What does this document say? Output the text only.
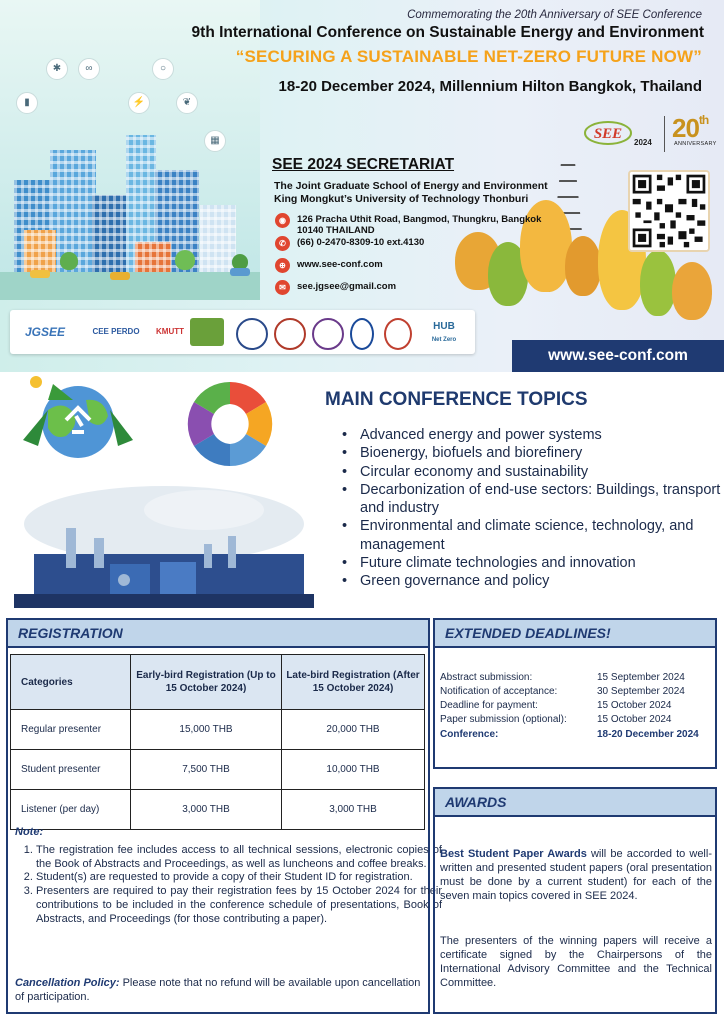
✱	∞
▮	⚡
○
❦
▦
Commemorating the 20th Anniversary of SEE Conference
9th International Conference on Sustainable Energy and Environment
“SECURING A SUSTAINABLE NET-ZERO FUTURE NOW”
18-20 December 2024, Millennium Hilton Bangkok, Thailand
SEE
2024 20th
ANNIVERSARY
SEE 2024 SECRETARIAT
The Joint Graduate School of Energy and Environment
King Mongkut’s University of Technology Thonburi
◉	126 Pracha Uthit Road, Bangmod, Thungkru, Bangkok
10140 THAILAND
✆	(66) 0-2470-8309-10 ext.4130
⊕	www.see-conf.com
✉	see.jgsee@gmail.com
JGSEE	CEE PERDO KMUTT	HUB
Net Zero
www.see-conf.com
MAIN CONFERENCE TOPICS
• Advanced energy and power systems
• Bioenergy, biofuels and biorefinery
• Circular economy and sustainability
• Decarbonization of end-use sectors: Buildings, transport and industry
• Environmental and climate science, technology, and management
• Future climate technologies and innovation
• Green governance and policy
REGISTRATION
Categories	Early-bird Registration (Up to 15 October 2024)	Late-bird Registration (After 15 October 2024)
Regular presenter	15,000 THB	20,000 THB
Student presenter	7,500 THB	10,000 THB
Listener (per day)	3,000 THB	3,000 THB
Note:
1. The registration fee includes access to all technical sessions, electronic copies of the Book of Abstracts and Proceedings, as well as luncheons and coffee breaks.
2. Student(s) are requested to provide a copy of their Student ID for registration.
3. Presenters are required to pay their registration fees by 15 October 2024 for their contributions to be included in the conference schedule of presentations, Book of Abstracts, and Proceedings (for those contributing a paper).
Cancellation Policy: Please note that no refund will be available upon cancellation of participation.
EXTENDED DEADLINES!
Abstract submission:	15 September 2024
Notification of acceptance:	30 September 2024
Deadline for payment:	15 October 2024
Paper submission (optional):	15 October 2024
Conference:	18-20 December 2024
AWARDS
Best Student Paper Awards will be accorded to well-written and presented student papers (oral presentation must be done by a current student) for each of the seven main topics covered in SEE 2024.
The presenters of the winning papers will receive a certificate signed by the Chairpersons of the International Advisory Committee and the Technical Committee.
